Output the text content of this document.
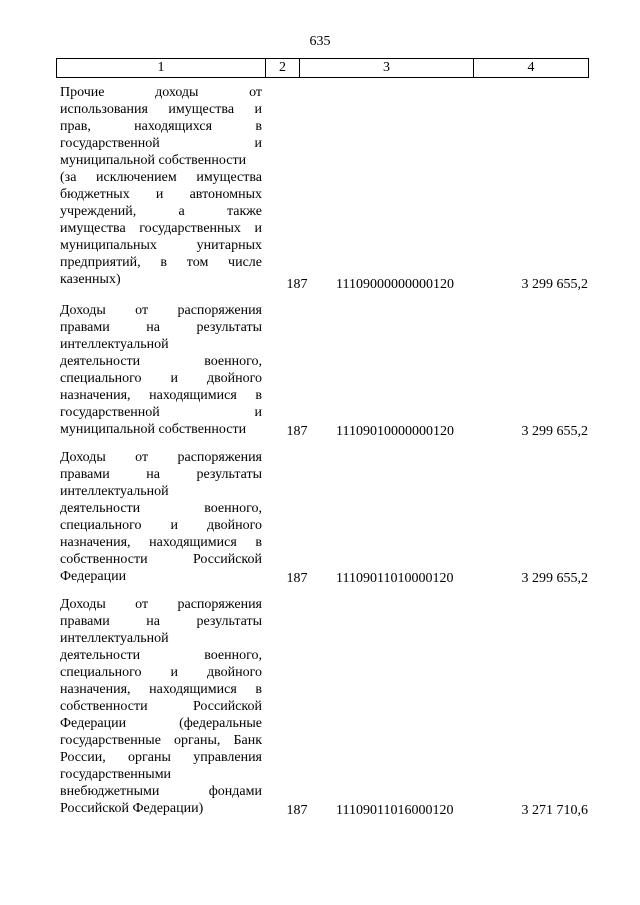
635
1	2	3	4
Прочие доходы от
использования имущества и
прав, находящихся в
государственной и
муниципальной собственности
(за исключением имущества
бюджетных и автономных
учреждений, а также
имущества государственных и
муниципальных унитарных
предприятий, в том числе
казенных)	187 11109000000000120	3 299 655,2
Доходы от распоряжения
правами на результаты
интеллектуальной
деятельности военного,
специального и двойного
назначения, находящимися в
государственной и
муниципальной собственности	187 11109010000000120	3 299 655,2
Доходы от распоряжения
правами на результаты
интеллектуальной
деятельности военного,
специального и двойного
назначения, находящимися в
собственности Российской
Федерации	187 11109011010000120	3 299 655,2
Доходы от распоряжения
правами на результаты
интеллектуальной
деятельности военного,
специального и двойного
назначения, находящимися в
собственности Российской
Федерации (федеральные
государственные органы, Банк
России, органы управления
государственными
внебюджетными фондами
Российской Федерации)	187 11109011016000120	3 271 710,6
